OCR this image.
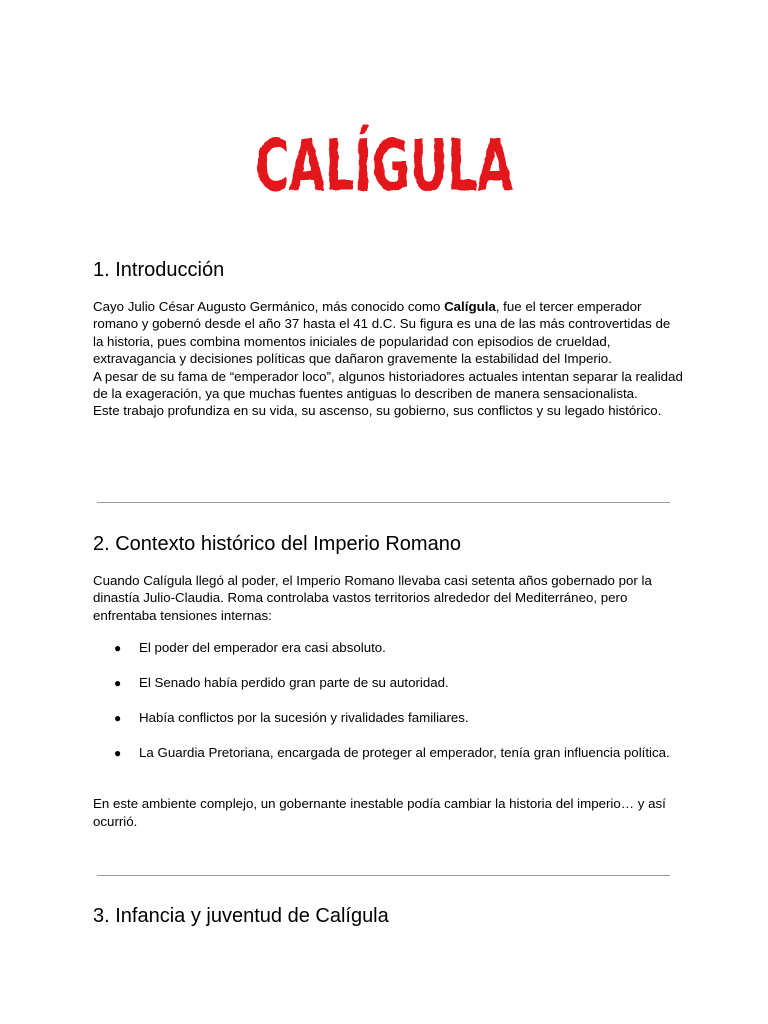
CALÍGULA
1. Introducción

Cayo Julio César Augusto Germánico, más conocido como Calígula, fue el tercer emperador romano y gobernó desde el año 37 hasta el 41 d.C. Su figura es una de las más controvertidas de la historia, pues combina momentos iniciales de popularidad con episodios de crueldad, extravagancia y decisiones políticas que dañaron gravemente la estabilidad del Imperio.

A pesar de su fama de “emperador loco”, algunos historiadores actuales intentan separar la realidad de la exageración, ya que muchas fuentes antiguas lo describen de manera sensacionalista.

Este trabajo profundiza en su vida, su ascenso, su gobierno, sus conflictos y su legado histórico.

2. Contexto histórico del Imperio Romano

Cuando Calígula llegó al poder, el Imperio Romano llevaba casi setenta años gobernado por la dinastía Julio-Claudia. Roma controlaba vastos territorios alrededor del Mediterráneo, pero enfrentaba tensiones internas:

● El poder del emperador era casi absoluto.
● El Senado había perdido gran parte de su autoridad.
● Había conflictos por la sucesión y rivalidades familiares.
● La Guardia Pretoriana, encargada de proteger al emperador, tenía gran influencia política.

En este ambiente complejo, un gobernante inestable podía cambiar la historia del imperio… y así ocurrió.

3. Infancia y juventud de Calígula
